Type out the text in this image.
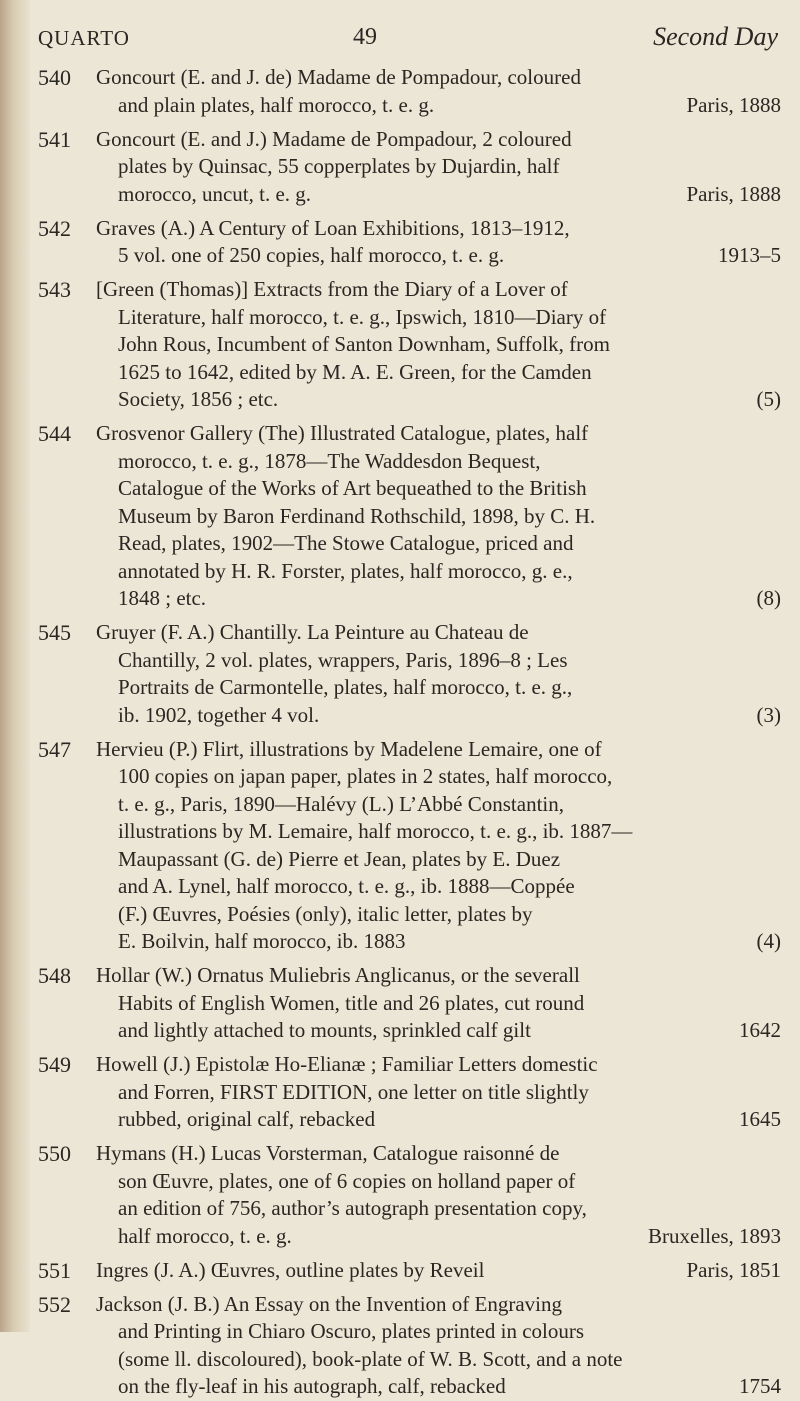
QUARTO	49	Second Day
540 Goncourt (E. and J. de) Madame de Pompadour, coloured
and plain plates, half morocco, t. e. g.	Paris, 1888
541 Goncourt (E. and J.) Madame de Pompadour, 2 coloured
plates by Quinsac, 55 copperplates by Dujardin, half
morocco, uncut, t. e. g.	Paris, 1888
542 Graves (A.) A Century of Loan Exhibitions, 1813–1912,
5 vol. one of 250 copies, half morocco, t. e. g.	1913–5
543 [Green (Thomas)] Extracts from the Diary of a Lover of
Literature, half morocco, t. e. g., Ipswich, 1810—Diary of
John Rous, Incumbent of Santon Downham, Suffolk, from
1625 to 1642, edited by M. A. E. Green, for the Camden
Society, 1856 ; etc.	(5)
544 Grosvenor Gallery (The) Illustrated Catalogue, plates, half
morocco, t. e. g., 1878—The Waddesdon Bequest,
Catalogue of the Works of Art bequeathed to the British
Museum by Baron Ferdinand Rothschild, 1898, by C. H.
Read, plates, 1902—The Stowe Catalogue, priced and
annotated by H. R. Forster, plates, half morocco, g. e.,
1848 ; etc.	(8)
545 Gruyer (F. A.) Chantilly. La Peinture au Chateau de
Chantilly, 2 vol. plates, wrappers, Paris, 1896–8 ; Les
Portraits de Carmontelle, plates, half morocco, t. e. g.,
ib. 1902, together 4 vol.	(3)
547 Hervieu (P.) Flirt, illustrations by Madelene Lemaire, one of
100 copies on japan paper, plates in 2 states, half morocco,
t. e. g., Paris, 1890—Halévy (L.) L’Abbé Constantin,
illustrations by M. Lemaire, half morocco, t. e. g., ib. 1887—
Maupassant (G. de) Pierre et Jean, plates by E. Duez
and A. Lynel, half morocco, t. e. g., ib. 1888—Coppée
(F.) Œuvres, Poésies (only), italic letter, plates by
E. Boilvin, half morocco, ib. 1883	(4)
548 Hollar (W.) Ornatus Muliebris Anglicanus, or the severall
Habits of English Women, title and 26 plates, cut round
and lightly attached to mounts, sprinkled calf gilt	1642
549 Howell (J.) Epistolæ Ho-Elianæ ; Familiar Letters domestic
and Forren, FIRST EDITION, one letter on title slightly
rubbed, original calf, rebacked	1645
550 Hymans (H.) Lucas Vorsterman, Catalogue raisonné de
son Œuvre, plates, one of 6 copies on holland paper of
an edition of 756, author’s autograph presentation copy,
half morocco, t. e. g.	Bruxelles, 1893
551 Ingres (J. A.) Œuvres, outline plates by Reveil	Paris, 1851
552 Jackson (J. B.) An Essay on the Invention of Engraving
and Printing in Chiaro Oscuro, plates printed in colours
(some ll. discoloured), book-plate of W. B. Scott, and a note
on the fly-leaf in his autograph, calf, rebacked	1754
